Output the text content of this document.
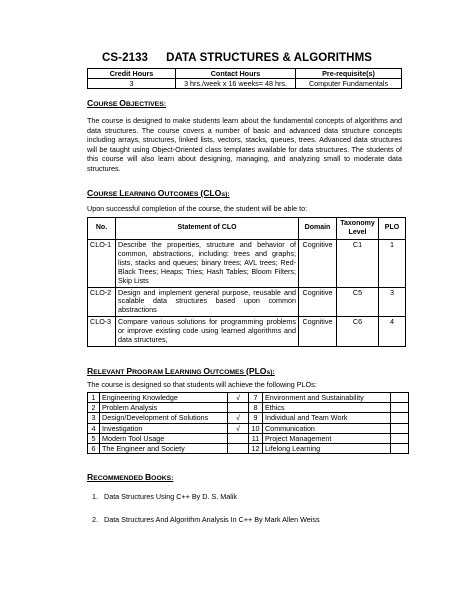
CS-2133 DATA STRUCTURES & ALGORITHMS
Credit Hours	Contact Hours	Pre-requisite(s)
3	3 hrs./week x 16 weeks= 48 hrs.	Computer Fundamentals
COURSE OBJECTIVES:
The course is designed to make students learn about the fundamental concepts of algorithms and data structures. The course covers a number of basic and advanced data structure concepts including arrays, structures, linked lists, vectors, stacks, queues, trees. Advanced data structures will be taught using Object-Oriented class templates available for data structures. The students of this course will also learn about designing, managing, and analyzing small to moderate data structures.
COURSE LEARNING OUTCOMES (CLOs):
Upon successful completion of the course, the student will be able to:
No.	Statement of CLO	Domain	Taxonomy Level	PLO
CLO-1	Describe the properties, structure and behavior of common, abstractions, including: trees and graphs; lists, stacks and queues; binary trees; AVL trees; Red-Black Trees; Heaps; Tries; Hash Tables; Bloom Filters; Skip Lists	Cognitive	C1	1
CLO-2	Design and implement general purpose, reusable and scalable data structures based upon common abstractions	Cognitive	C5	3
CLO-3	Compare various solutions for programming problems or improve existing code using learned algorithms and data structures,	Cognitive	C6	4
RELEVANT PROGRAM LEARNING OUTCOMES (PLOs):
The course is designed so that students will achieve the following PLOs:
1	Engineering Knowledge	√	7	Environment and Sustainability	
2	Problem Analysis		8	Ethics	
3	Design/Development of Solutions	√	9	Individual and Team Work	
4	Investigation	√	10	Communication	
5	Modern Tool Usage		11	Project Management	
6	The Engineer and Society		12	Lifelong Learning	
RECOMMENDED BOOKS:
1. Data Structures Using C++ By D. S. Malik
2. Data Structures And Algorithm Analysis In C++ By Mark Allen Weiss
